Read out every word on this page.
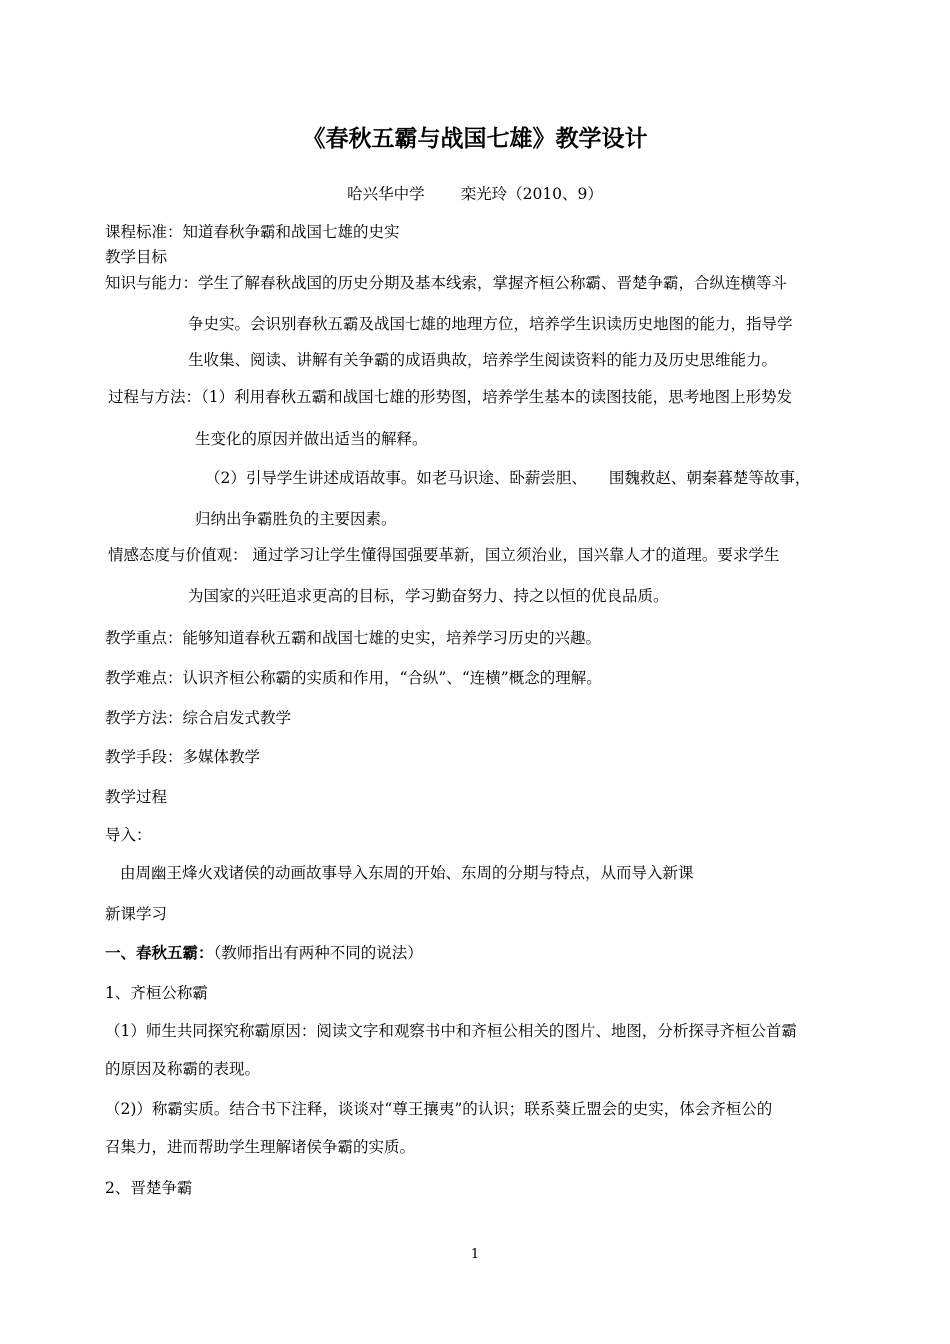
《春秋五霸与战国七雄》教学设计
哈兴华中学 栾光玲（2010、9）
课程标准：知道春秋争霸和战国七雄的史实
教学目标
知识与能力：学生了解春秋战国的历史分期及基本线索，掌握齐桓公称霸、晋楚争霸，合纵连横等斗
争史实。会识别春秋五霸及战国七雄的地理方位，培养学生识读历史地图的能力，指导学
生收集、阅读、讲解有关争霸的成语典故，培养学生阅读资料的能力及历史思维能力。
过程与方法：（1）利用春秋五霸和战国七雄的形势图，培养学生基本的读图技能，思考地图上形势发
生变化的原因并做出适当的解释。
（2）引导学生讲述成语故事。如老马识途、卧薪尝胆、 围魏救赵、朝秦暮楚等故事，
归纳出争霸胜负的主要因素。
情感态度与价值观： 通过学习让学生懂得国强要革新，国立须治业，国兴靠人才的道理。要求学生
为国家的兴旺追求更高的目标，学习勤奋努力、持之以恒的优良品质。
教学重点：能够知道春秋五霸和战国七雄的史实，培养学习历史的兴趣。
教学难点：认识齐桓公称霸的实质和作用，“合纵”、“连横”概念的理解。
教学方法：综合启发式教学
教学手段：多媒体教学
教学过程
导入：
由周幽王烽火戏诸侯的动画故事导入东周的开始、东周的分期与特点，从而导入新课
新课学习
一、春秋五霸：（教师指出有两种不同的说法）
1、齐桓公称霸
（1）师生共同探究称霸原因：阅读文字和观察书中和齐桓公相关的图片、地图，分析探寻齐桓公首霸
的原因及称霸的表现。
（2)）称霸实质。结合书下注释，谈谈对“尊王攘夷”的认识；联系葵丘盟会的史实，体会齐桓公的
召集力，进而帮助学生理解诸侯争霸的实质。
2、晋楚争霸
1
